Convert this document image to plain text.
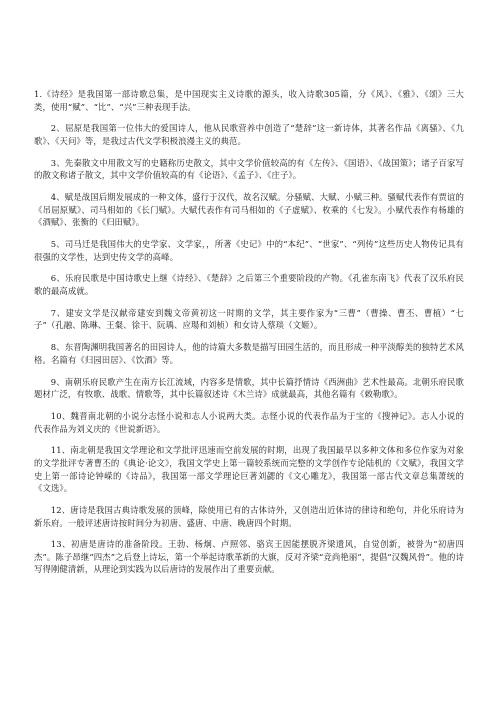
1.《诗经》是我国第一部诗歌总集，是中国现实主义诗歌的源头，收入诗歌305篇，分《风》、《雅》、《颂》三大类，使用“赋”、“比”、“兴”三种表现手法。

2、屈原是我国第一位伟大的爱国诗人，他从民歌营养中创造了“楚辞”这一新诗体，其著名作品《离骚》、《九歌》、《天问》等，是我过古代文学积极浪漫主义的典范。

3、先秦散文中用散文写的史籍称历史散文，其中文学价值较高的有《左传》、《国语》、《战国策》；诸子百家写的散文称诸子散文，其中文学价值较高的有《论语》、《孟子》、《庄子》。

4、赋是战国后期发展成的一种文体，盛行于汉代，故名汉赋。分骚赋、大赋、小赋三种。骚赋代表作有贾谊的《吊屈原赋》、司马相如的《长门赋》。大赋代表作有司马相如的《子虚赋》、枚乘的《七发》。小赋代表作有杨雄的《酒赋》、张衡的《归田赋》。

5、司马迁是我国伟大的史学家、文学家，，所著《史记》中的“本纪”、“世家”、“列传”这些历史人物传记具有很强的文学性，达到史传文学的高峰。

6、乐府民歌是中国诗歌史上继《诗经》、《楚辞》之后第三个重要阶段的产物。《孔雀东南飞》代表了汉乐府民歌的最高成就。

7、建安文学是汉献帝建安到魏文帝黄初这一时期的文学，其主要作家为“三曹”（曹操、曹丕、曹植）“七子”（孔融、陈琳、王粲、徐干、阮瑀、应瑒和刘桢）和女诗人蔡琰（文姬）。

8、东晋陶渊明我国著名的田园诗人，他的诗篇大多数是描写田园生活的，而且形成一种平淡醇美的独特艺术风格。名篇有《归园田居》、《饮酒》等。

9、南朝乐府民歌产生在南方长江流域，内容多是情歌，其中长篇抒情诗《西洲曲》艺术性最高。北朝乐府民歌题材广泛，有牧歌、战歌、情歌等，其中长篇叙述诗《木兰诗》成就最高，其他名篇有《敕勒歌》。

10、魏晋南北朝的小说分志怪小说和志人小说两大类。志怪小说的代表作品为于宝的《搜神记》。志人小说的代表作品为刘义庆的《世说新语》。

11、南北朝是我国文学理论和文学批评迅速而空前发展的时期，出现了我国最早以多种文体和多位作家为对象的文学批评专著曹丕的《典论·论文》，我国文学史上第一篇较系统而完整的文学创作专论陆机的《文赋》，我国文学史上第一部诗论钟嵘的《诗品》，我国第一部文学理论巨著刘勰的《文心雕龙》，我国第一部古代文章总集萧统的《文选》。

12、唐诗是我国古典诗歌发展的顶峰，除使用已有的古体诗外，又创造出近体诗的律诗和绝句，并化乐府诗为新乐府。一般评述唐诗按时间分为初唐、盛唐、中唐、晚唐四个时期。

13、初唐是唐诗的准备阶段。王勃、杨炯、卢照邻、骆宾王因能摆脱齐梁遗风，自觉创新，被誉为“初唐四杰”。陈子昂继“四杰”之后登上诗坛，第一个举起诗歌革新的大旗，反对齐梁“竞尚艳丽”，提倡“汉魏风骨”。他的诗写得刚健清新，从理论到实践为以后唐诗的发展作出了重要贡献。
